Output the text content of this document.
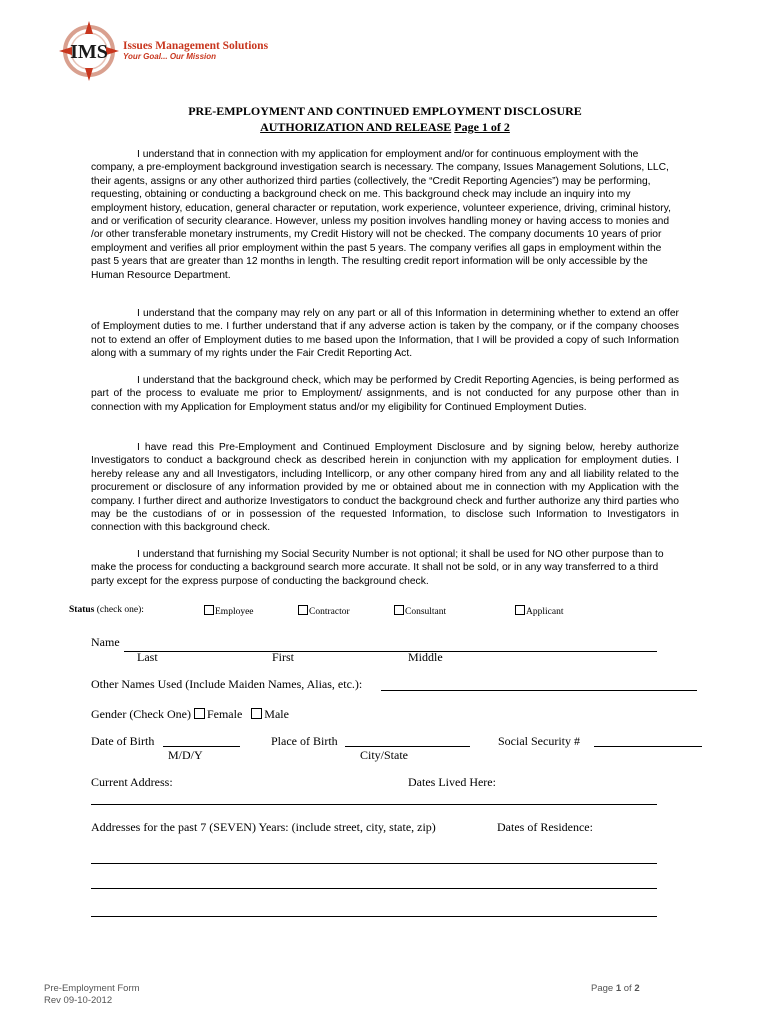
IMS Issues Management Solutions
Your Goal... Our Mission
PRE-EMPLOYMENT AND CONTINUED EMPLOYMENT DISCLOSURE
AUTHORIZATION AND RELEASE Page 1 of 2

I understand that in connection with my application for employment and/or for continuous employment with the company, a pre-employment background investigation search is necessary. The company, Issues Management Solutions, LLC, their agents, assigns or any other authorized third parties (collectively, the “Credit Reporting Agencies”) may be performing, requesting, obtaining or conducting a background check on me. This background check may include an inquiry into my employment history, education, general character or reputation, work experience, volunteer experience, driving, criminal history, and or verification of security clearance. However, unless my position involves handling money or having access to monies and /or other transferable monetary instruments, my Credit History will not be checked. The company documents 10 years of prior employment and verifies all prior employment within the past 5 years. The company verifies all gaps in employment within the past 5 years that are greater than 12 months in length. The resulting credit report information will be only accessible by the Human Resource Department.

I understand that the company may rely on any part or all of this Information in determining whether to extend an offer of Employment duties to me. I further understand that if any adverse action is taken by the company, or if the company chooses not to extend an offer of Employment duties to me based upon the Information, that I will be provided a copy of such Information along with a summary of my rights under the Fair Credit Reporting Act.

I understand that the background check, which may be performed by Credit Reporting Agencies, is being performed as part of the process to evaluate me prior to Employment/ assignments, and is not conducted for any purpose other than in connection with my Application for Employment status and/or my eligibility for Continued Employment Duties.

I have read this Pre-Employment and Continued Employment Disclosure and by signing below, hereby authorize Investigators to conduct a background check as described herein in conjunction with my application for employment duties. I hereby release any and all Investigators, including Intellicorp, or any other company hired from any and all liability related to the procurement or disclosure of any information provided by me or obtained about me in connection with my Application with the company. I further direct and authorize Investigators to conduct the background check and further authorize any third parties who may be the custodians of or in possession of the requested Information, to disclose such Information to Investigators in connection with this background check.

I understand that furnishing my Social Security Number is not optional; it shall be used for NO other purpose than to make the process for conducting a background search more accurate. It shall not be sold, or in any way transferred to a third party except for the express purpose of conducting the background check.

Status (check one):	Employee	Contractor	Consultant	Applicant
Name
Last	First	Middle
Other Names Used (Include Maiden Names, Alias, etc.):
Gender (Check One) Female Male
Date of Birth
M/D/Y
Place of Birth
City/State
Social Security #
Current Address:	Dates Lived Here:
Addresses for the past 7 (SEVEN) Years: (include street, city, state, zip)	Dates of Residence:
Pre-Employment Form
Rev 09-10-2012
Page 1 of 2
